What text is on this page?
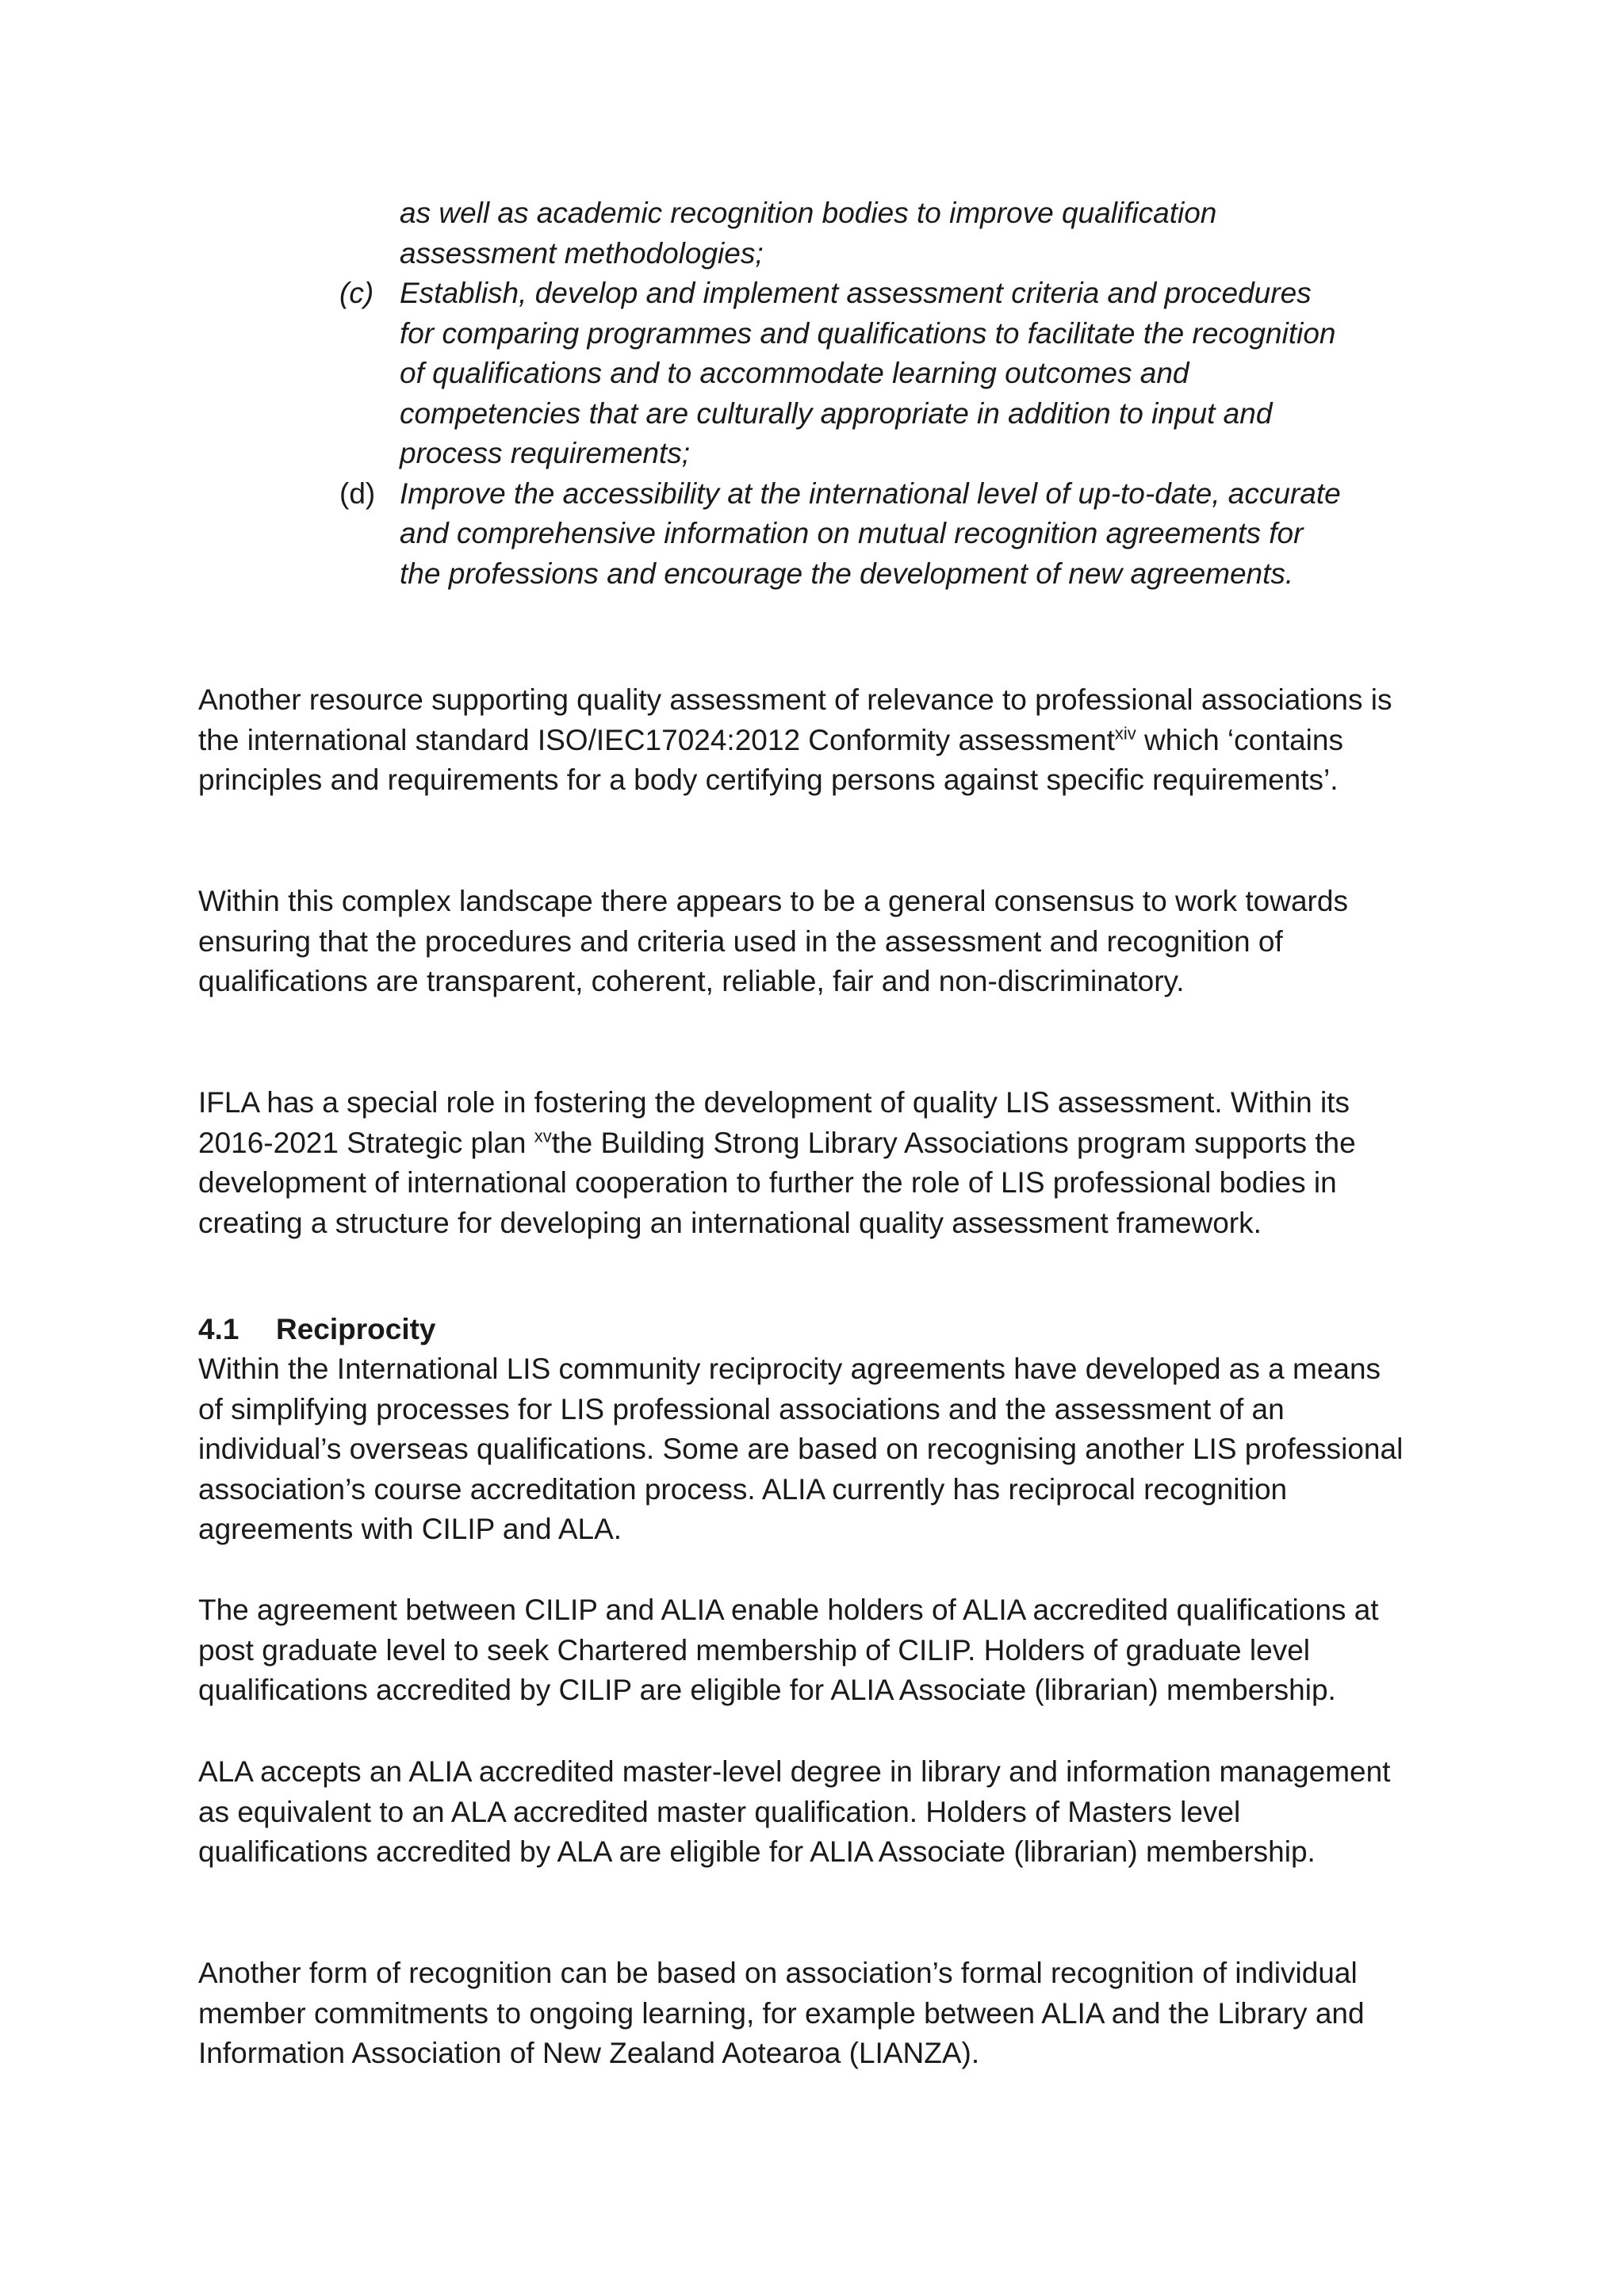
as well as academic recognition bodies to improve qualification assessment methodologies;
(c) Establish, develop and implement assessment criteria and procedures for comparing programmes and qualifications to facilitate the recognition of qualifications and to accommodate learning outcomes and competencies that are culturally appropriate in addition to input and process requirements;
(d) Improve the accessibility at the international level of up-to-date, accurate and comprehensive information on mutual recognition agreements for the professions and encourage the development of new agreements.

Another resource supporting quality assessment of relevance to professional associations is the international standard ISO/IEC17024:2012 Conformity assessment$^{xiv}$ which ‘contains principles and requirements for a body certifying persons against specific requirements’.

Within this complex landscape there appears to be a general consensus to work towards ensuring that the procedures and criteria used in the assessment and recognition of qualifications are transparent, coherent, reliable, fair and non-discriminatory.

IFLA has a special role in fostering the development of quality LIS assessment. Within its 2016-2021 Strategic plan $^{xv}$the Building Strong Library Associations program supports the development of international cooperation to further the role of LIS professional bodies in creating a structure for developing an international quality assessment framework.

4.1 Reciprocity

Within the International LIS community reciprocity agreements have developed as a means of simplifying processes for LIS professional associations and the assessment of an individual’s overseas qualifications. Some are based on recognising another LIS professional association’s course accreditation process. ALIA currently has reciprocal recognition agreements with CILIP and ALA.

The agreement between CILIP and ALIA enable holders of ALIA accredited qualifications at post graduate level to seek Chartered membership of CILIP. Holders of graduate level qualifications accredited by CILIP are eligible for ALIA Associate (librarian) membership.

ALA accepts an ALIA accredited master-level degree in library and information management as equivalent to an ALA accredited master qualification. Holders of Masters level qualifications accredited by ALA are eligible for ALIA Associate (librarian) membership.

Another form of recognition can be based on association’s formal recognition of individual member commitments to ongoing learning, for example between ALIA and the Library and Information Association of New Zealand Aotearoa (LIANZA).
